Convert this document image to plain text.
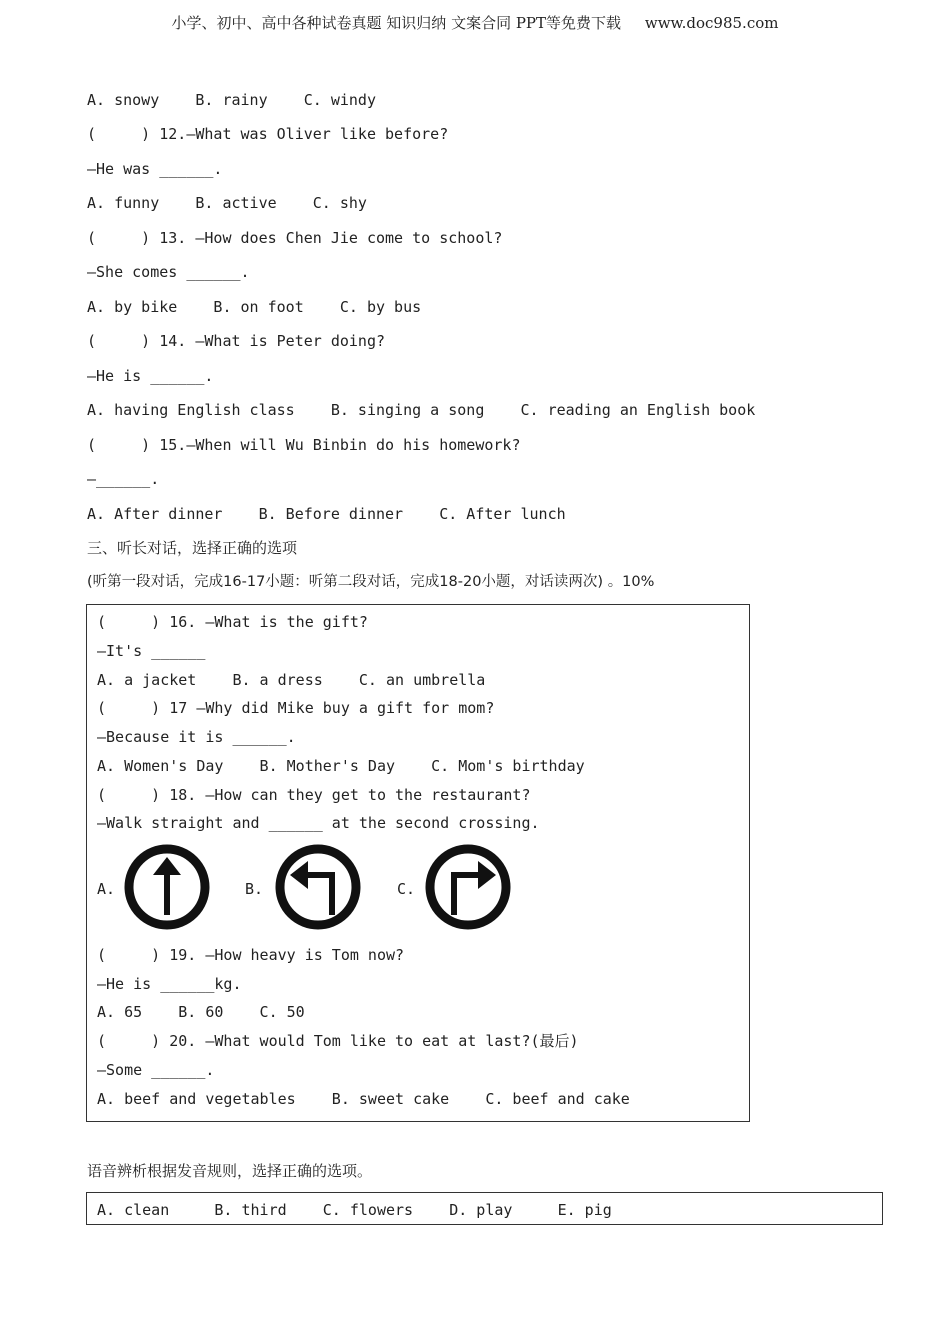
小学、初中、高中各种试卷真题 知识归纳 文案合同 PPT等免费下载 www.doc985.com
A. snowy    B. rainy    C. windy
(     ) 12.—What was Oliver like before?
—He was ______.
A. funny    B. active    C. shy
(     ) 13. —How does Chen Jie come to school?
—She comes ______.
A. by bike    B. on foot    C. by bus
(     ) 14. —What is Peter doing?
—He is ______.
A. having English class    B. singing a song    C. reading an English book
(     ) 15.—When will Wu Binbin do his homework?
—______.
A. After dinner    B. Before dinner    C. After lunch
三、听长对话，选择正确的选项
(听第一段对话，完成16-17小题：听第二段对话，完成18-20小题，对话读两次) 。10%
(     ) 16. —What is the gift?
—It's ______
A. a jacket    B. a dress    C. an umbrella
(     ) 17 —Why did Mike buy a gift for mom?
—Because it is ______.
A. Women's Day    B. Mother's Day    C. Mom's birthday
(     ) 18. —How can they get to the restaurant?
—Walk straight and ______ at the second crossing.
A.	B.	C.
(     ) 19. —How heavy is Tom now?
—He is ______kg.
A. 65    B. 60    C. 50
(     ) 20. —What would Tom like to eat at last?(最后)
—Some ______.
A. beef and vegetables    B. sweet cake    C. beef and cake
语音辨析根据发音规则，选择正确的选项。
A. clean     B. third    C. flowers    D. play     E. pig
